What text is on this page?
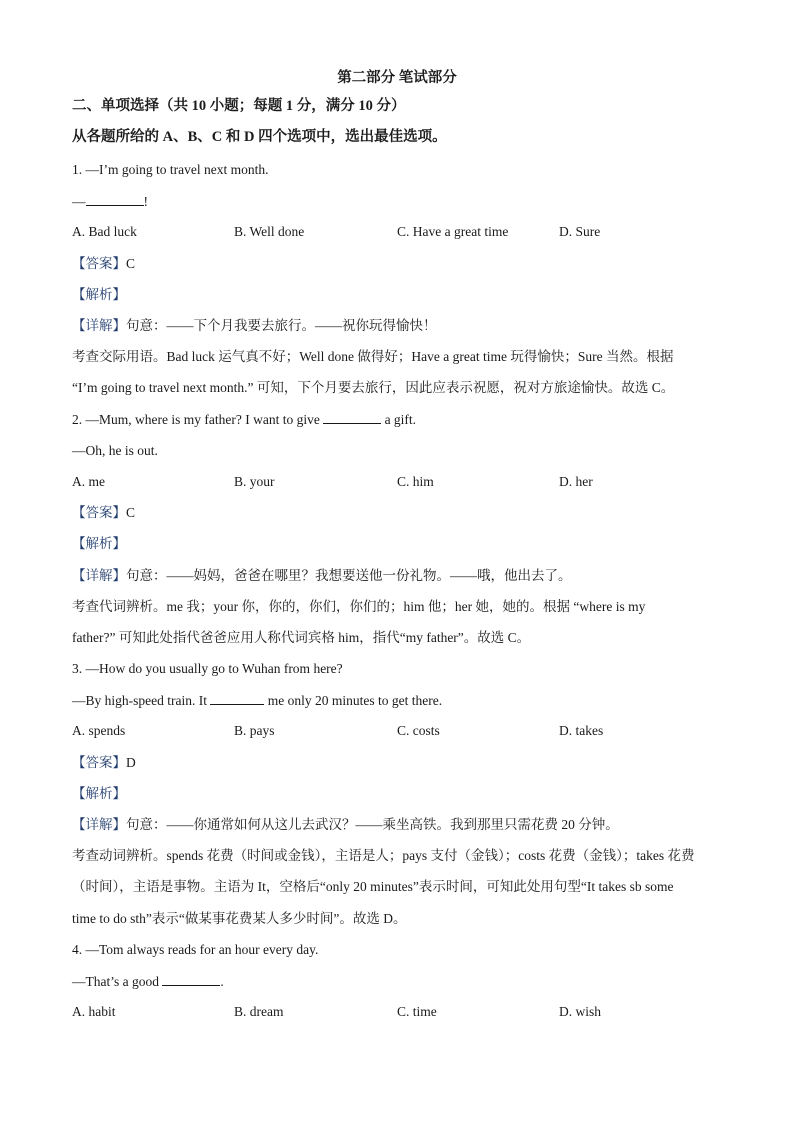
第二部分 笔试部分
二、单项选择（共 10 小题；每题 1 分，满分 10 分）
从各题所给的 A、B、C 和 D 四个选项中，选出最佳选项。
1. —I’m going to travel next month.
—	!
A. Bad luck	B. Well done	C. Have a great time	D. Sure
【答案】C
【解析】
【详解】句意：——下个月我要去旅行。——祝你玩得愉快！
考查交际用语。Bad luck 运气真不好；Well done 做得好；Have a great time 玩得愉快；Sure 当然。根据
“I’m going to travel next month.” 可知，下个月要去旅行，因此应表示祝愿，祝对方旅途愉快。故选 C。
2. —Mum, where is my father? I want to give	a gift.
—Oh, he is out.
A. me	B. your	C. him	D. her
【答案】C
【解析】
【详解】句意：——妈妈，爸爸在哪里？我想要送他一份礼物。——哦，他出去了。
考查代词辨析。me 我；your 你，你的，你们，你们的；him 他；her 她，她的。根据 “where is my
father?” 可知此处指代爸爸应用人称代词宾格 him，指代“my father”。故选 C。
3. —How do you usually go to Wuhan from here?
—By high-speed train. It	me only 20 minutes to get there.
A. spends	B. pays	C. costs	D. takes
【答案】D
【解析】
【详解】句意：——你通常如何从这儿去武汉？——乘坐高铁。我到那里只需花费 20 分钟。
考查动词辨析。spends 花费（时间或金钱），主语是人；pays 支付（金钱）；costs 花费（金钱）；takes 花费
（时间），主语是事物。主语为 It，空格后“only 20 minutes”表示时间，可知此处用句型“It takes sb some
time to do sth”表示“做某事花费某人多少时间”。故选 D。
4. —Tom always reads for an hour every day.
—That’s a good	.
A. habit	B. dream	C. time	D. wish
